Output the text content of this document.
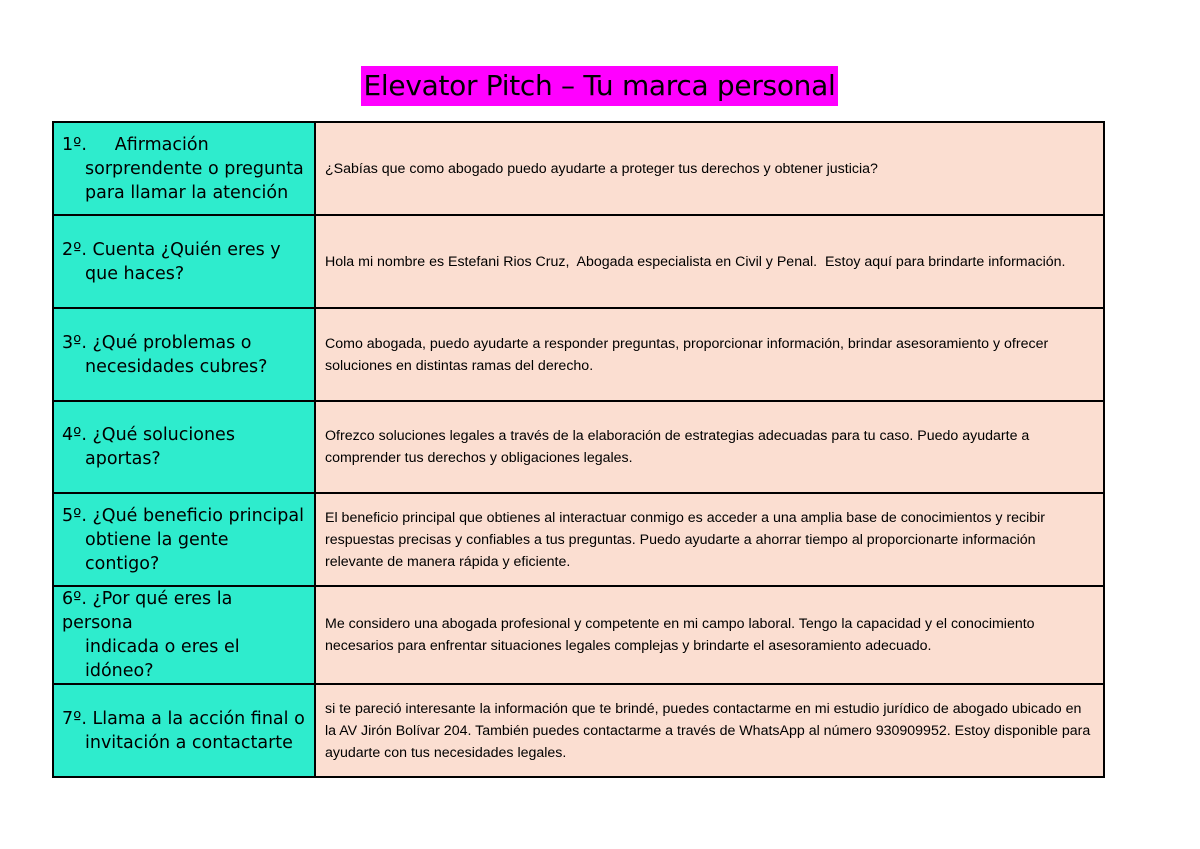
Elevator Pitch – Tu marca personal
1º.     Afirmación
sorprendente o pregunta para llamar la atención	¿Sabías que como abogado puedo ayudarte a proteger tus derechos y obtener justicia?

2º. Cuenta ¿Quién eres y
que haces?	Hola mi nombre es Estefani Rios Cruz,  Abogada especialista en Civil y Penal.  Estoy aquí para brindarte información.

3º. ¿Qué problemas o
necesidades cubres?	Como abogada, puedo ayudarte a responder preguntas, proporcionar información, brindar asesoramiento y ofrecer soluciones en distintas ramas del derecho.

4º. ¿Qué soluciones
aportas?	Ofrezco soluciones legales a través de la elaboración de estrategias adecuadas para tu caso. Puedo ayudarte a comprender tus derechos y obligaciones legales.

5º. ¿Qué beneficio principal
obtiene la gente contigo?	El beneficio principal que obtienes al interactuar conmigo es acceder a una amplia base de conocimientos y recibir respuestas precisas y confiables a tus preguntas. Puedo ayudarte a ahorrar tiempo al proporcionarte información relevante de manera rápida y eficiente.

6º. ¿Por qué eres la persona
indicada o eres el idóneo?	Me considero una abogada profesional y competente en mi campo laboral. Tengo la capacidad y el conocimiento necesarios para enfrentar situaciones legales complejas y brindarte el asesoramiento adecuado.

7º. Llama a la acción final o
invitación a contactarte	si te pareció interesante la información que te brindé, puedes contactarme en mi estudio jurídico de abogado ubicado en la AV Jirón Bolívar 204. También puedes contactarme a través de WhatsApp al número 930909952. Estoy disponible para ayudarte con tus necesidades legales.
